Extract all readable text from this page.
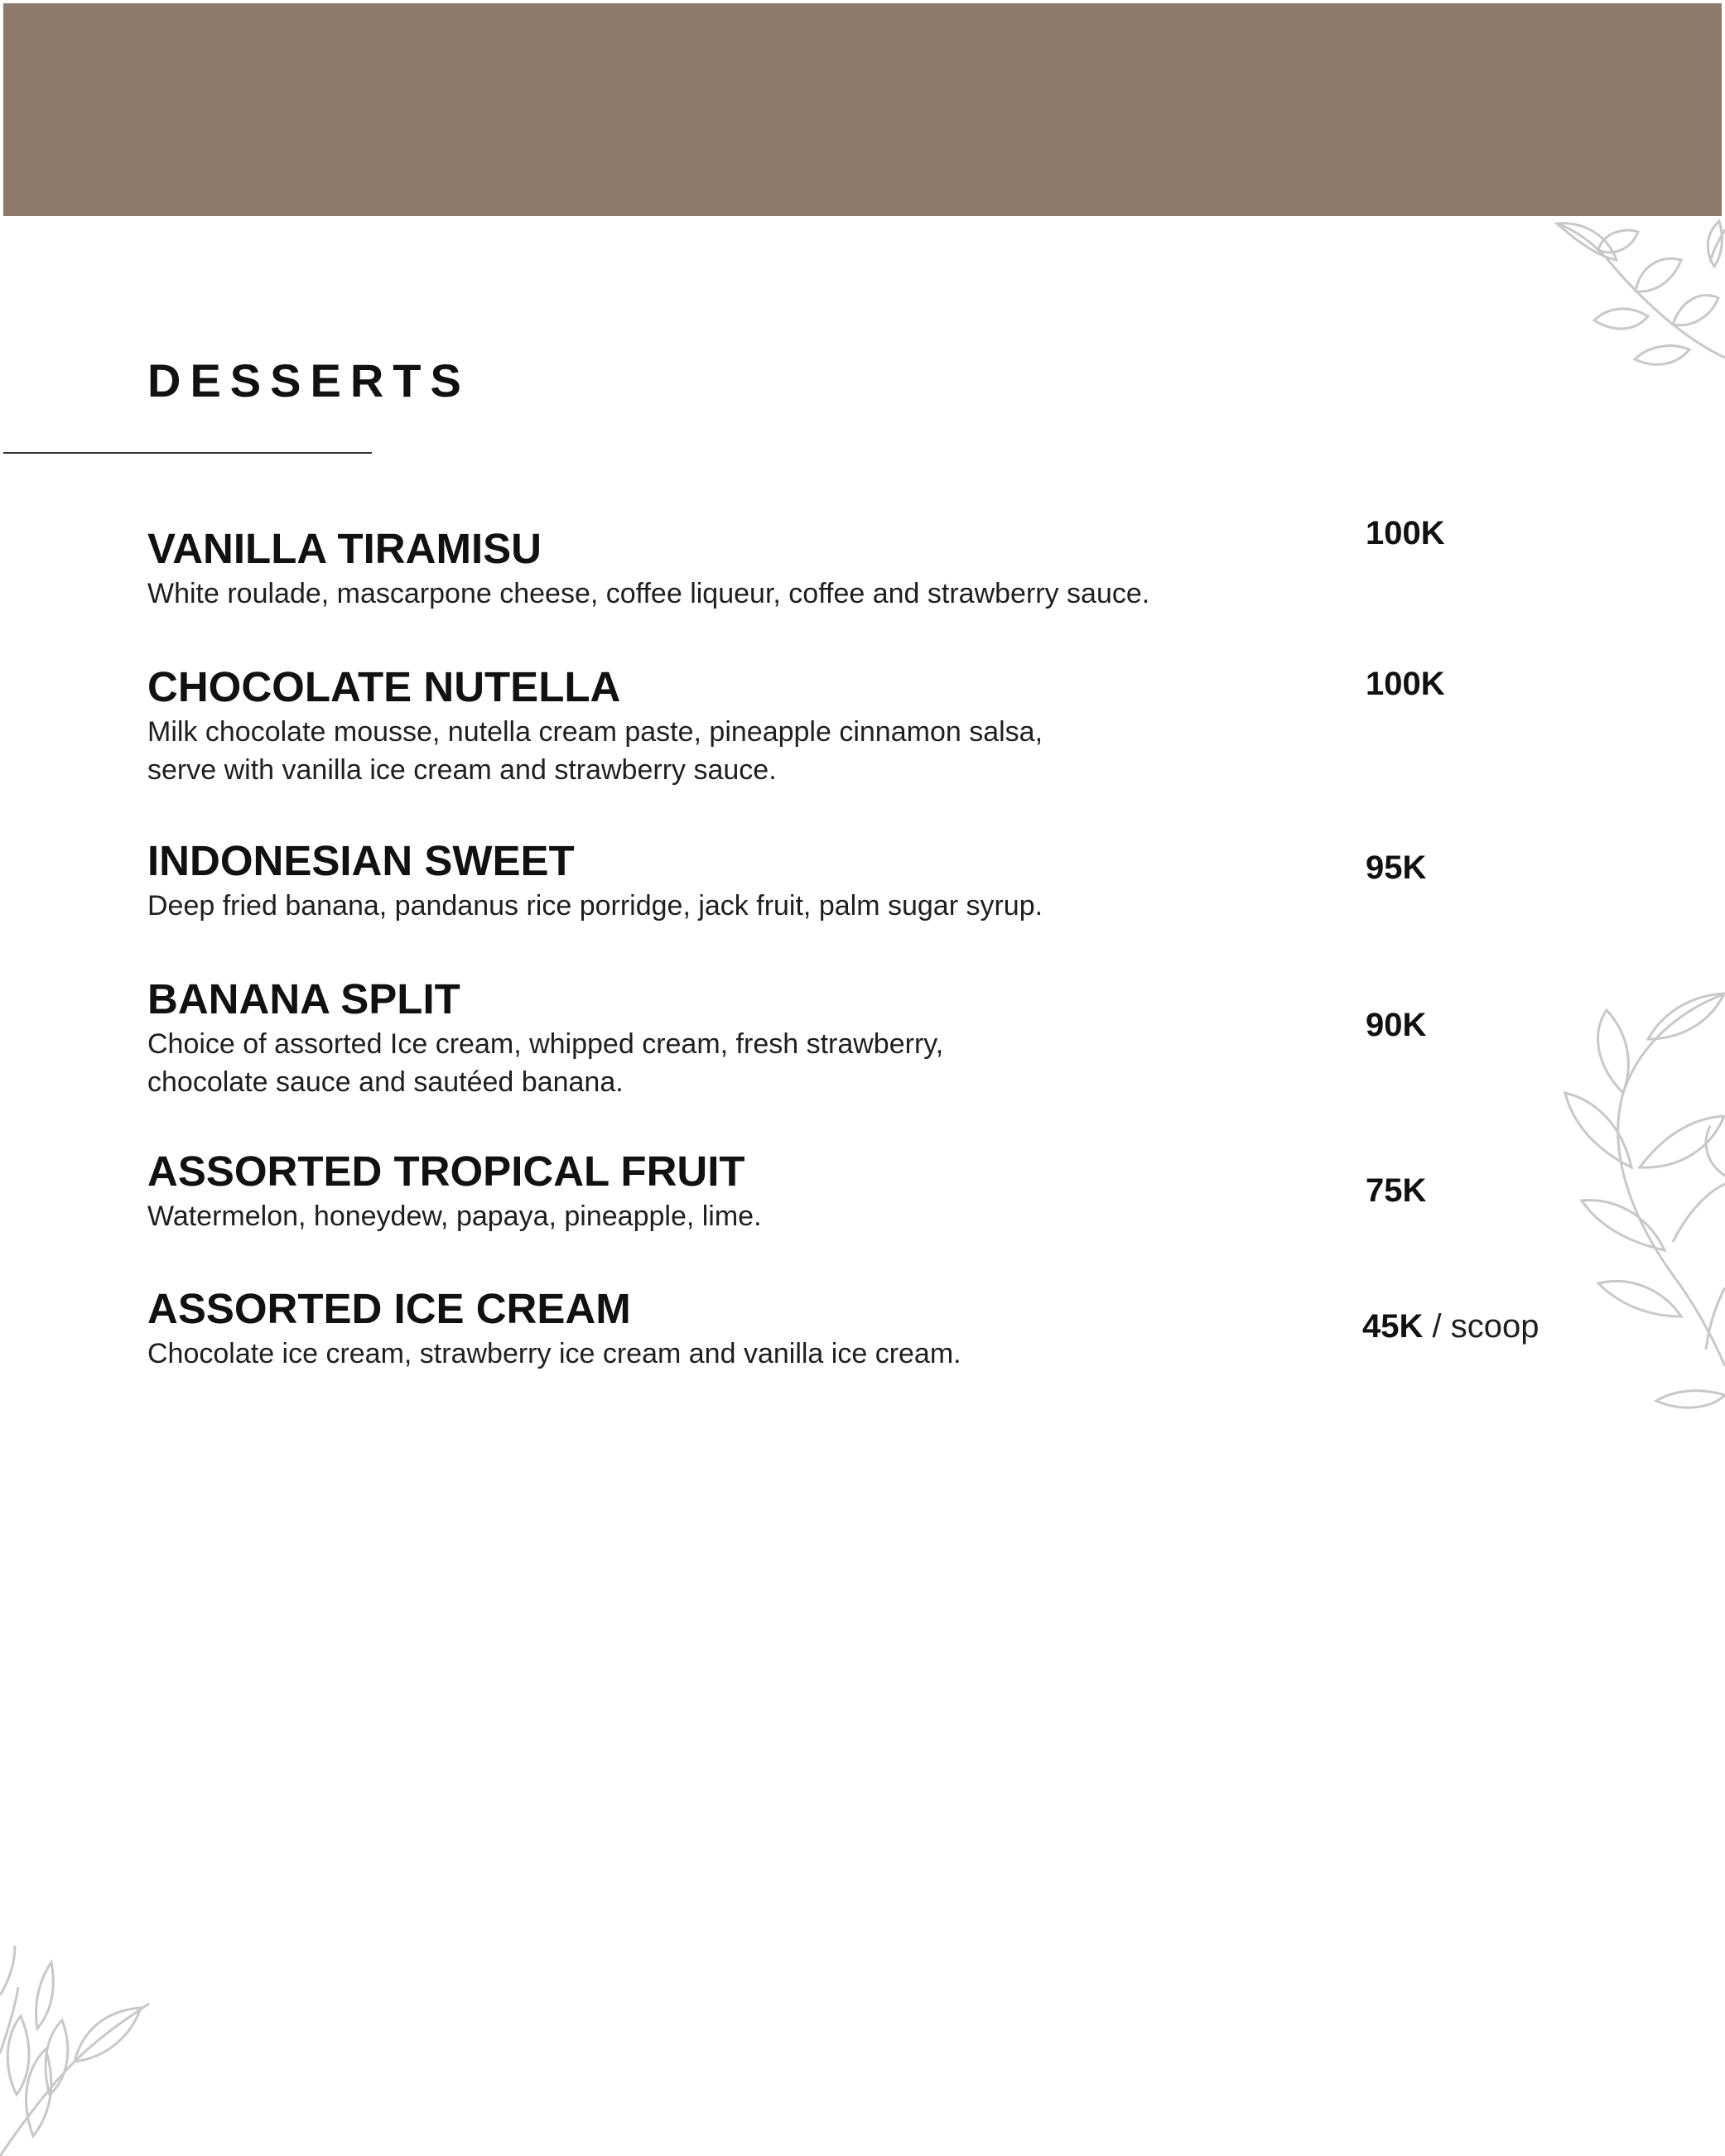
DESSERTS
VANILLA TIRAMISU

White roulade, mascarpone cheese, coffee liqueur, coffee and strawberry sauce.

100K
CHOCOLATE NUTELLA

Milk chocolate mousse, nutella cream paste, pineapple cinnamon salsa,
serve with vanilla ice cream and strawberry sauce.

100K
INDONESIAN SWEET

Deep fried banana, pandanus rice porridge, jack fruit, palm sugar syrup.

95K
BANANA SPLIT

Choice of assorted Ice cream, whipped cream, fresh strawberry,
chocolate sauce and sautéed banana.

90K
ASSORTED TROPICAL FRUIT

Watermelon, honeydew, papaya, pineapple, lime.

75K
ASSORTED ICE CREAM

Chocolate ice cream, strawberry ice cream and vanilla ice cream.

45K / scoop
